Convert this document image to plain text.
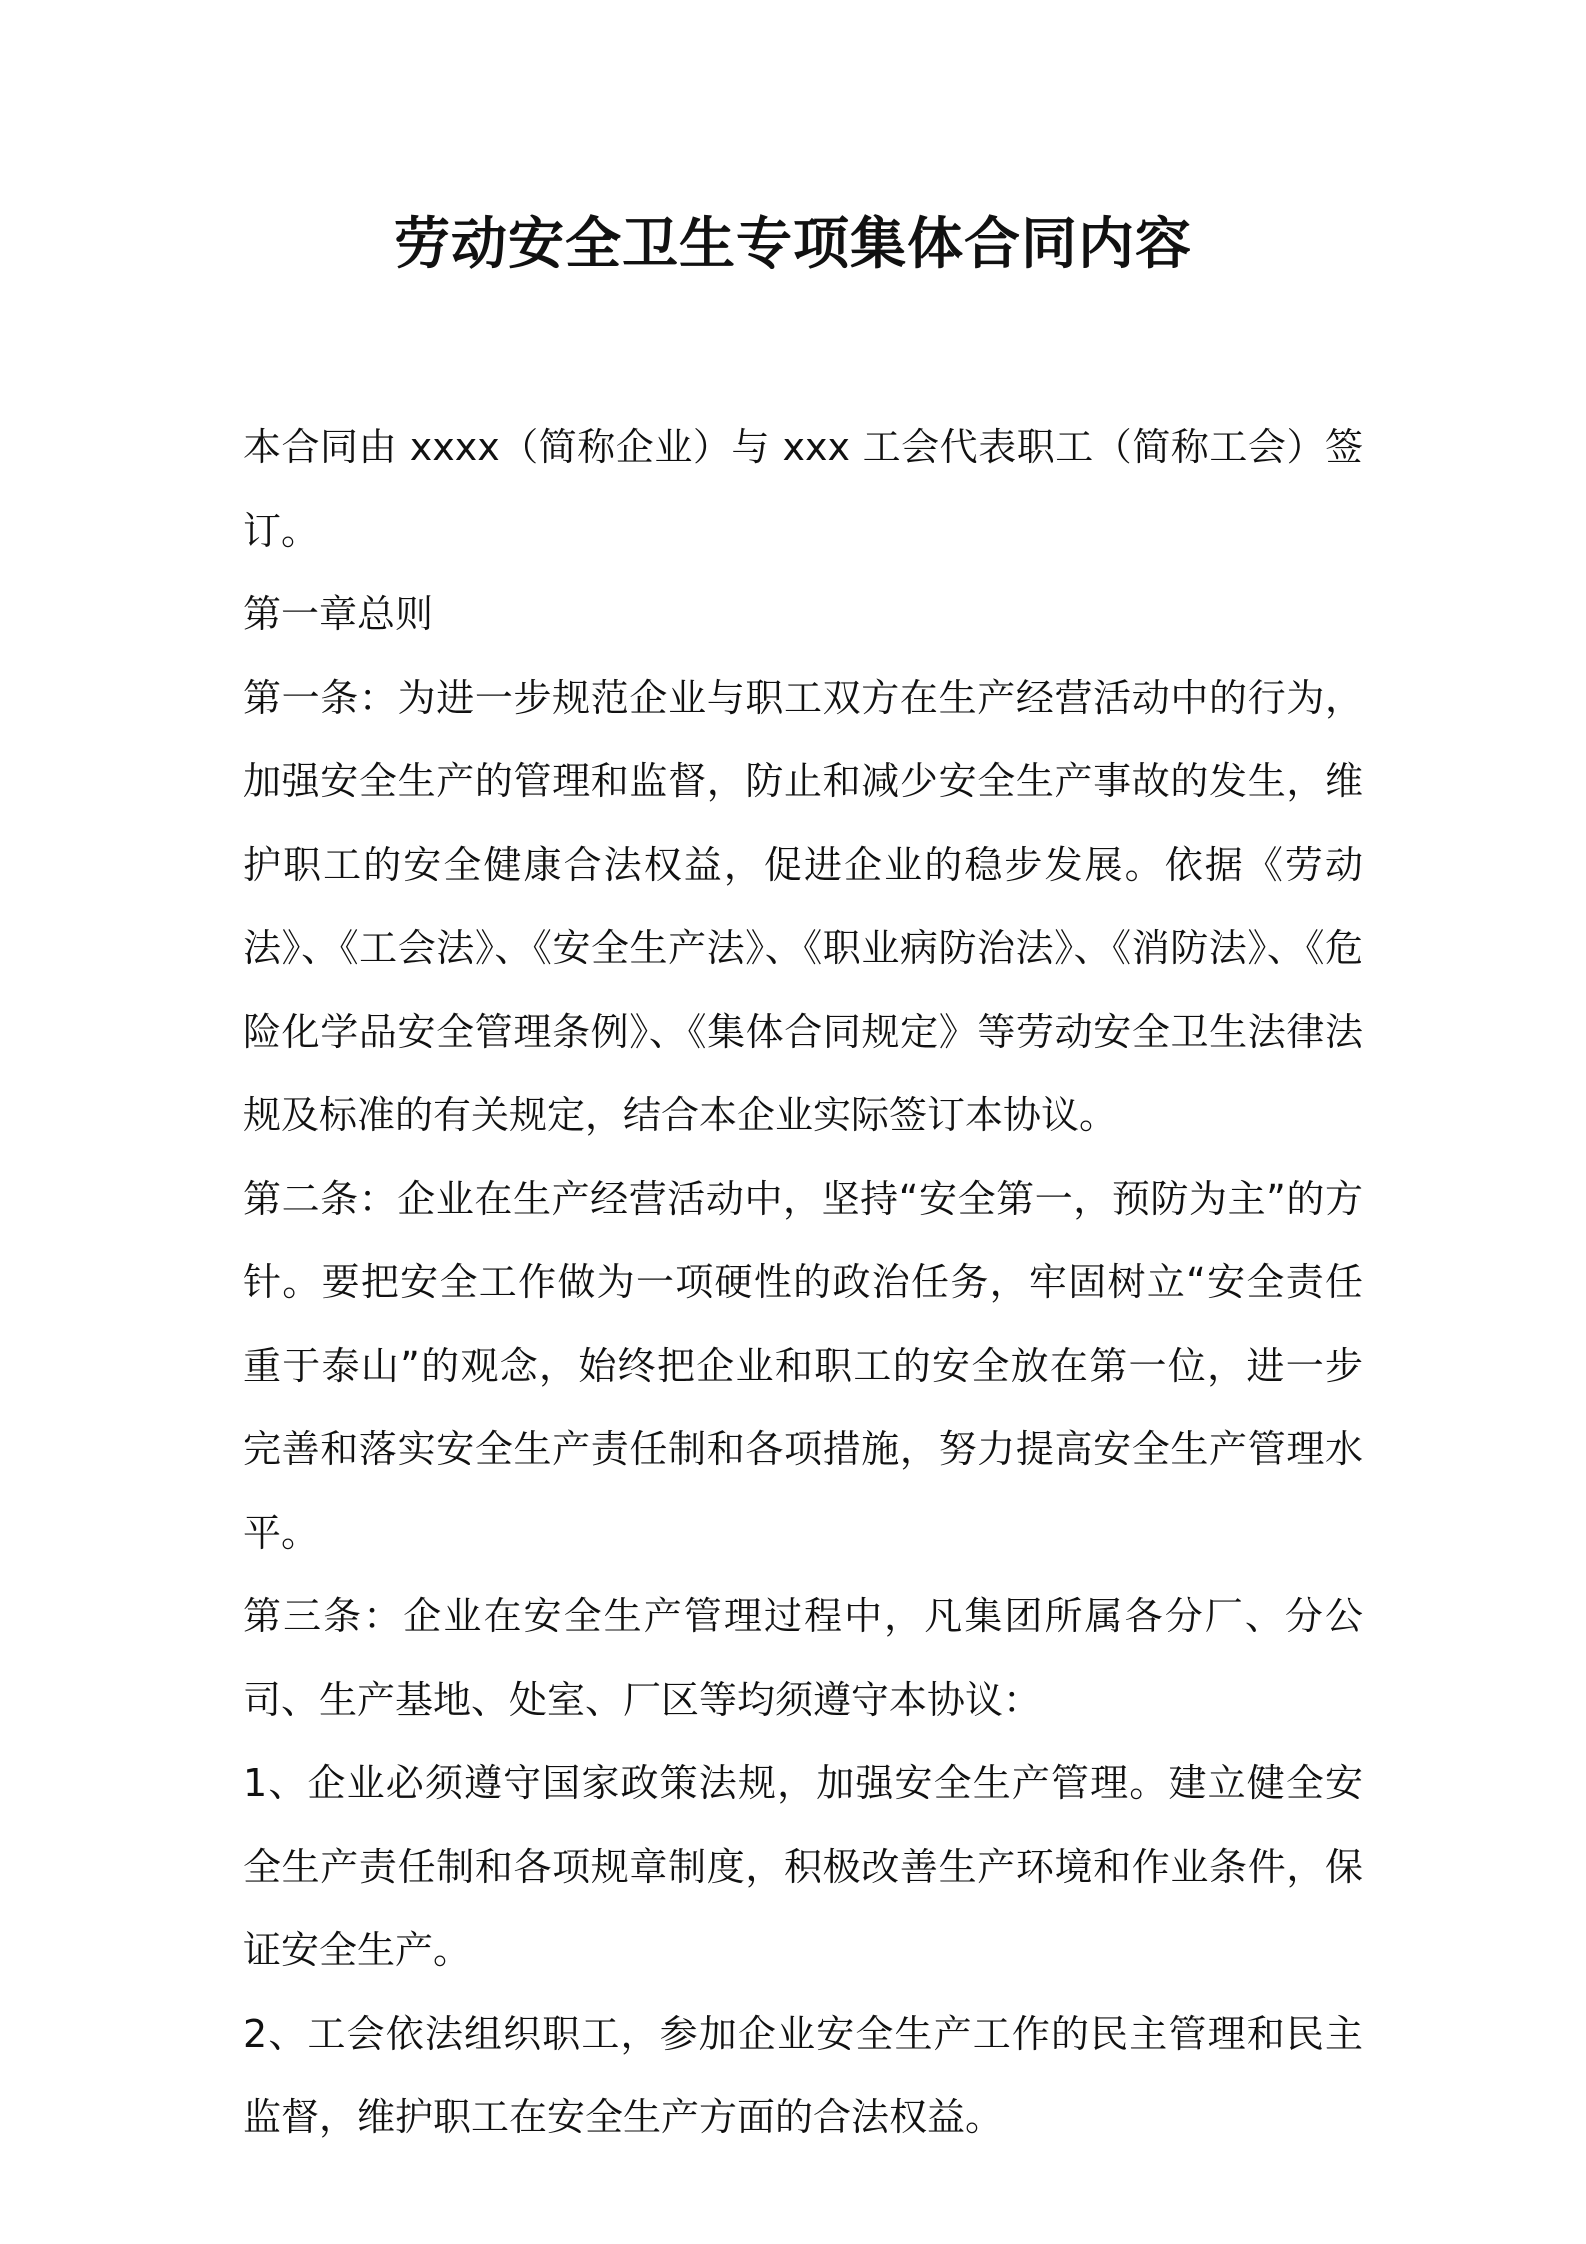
劳动安全卫生专项集体合同内容

本合同由 xxxx（简称企业）与 xxx 工会代表职工（简称工会）签订。

第一章总则

第一条：为进一步规范企业与职工双方在生产经营活动中的行为，加强安全生产的管理和监督，防止和减少安全生产事故的发生，维护职工的安全健康合法权益，促进企业的稳步发展。依据《劳动法》、《工会法》、《安全生产法》、《职业病防治法》、《消防法》、《危险化学品安全管理条例》、《集体合同规定》等劳动安全卫生法律法规及标准的有关规定，结合本企业实际签订本协议。

第二条：企业在生产经营活动中，坚持“安全第一，预防为主”的方针。要把安全工作做为一项硬性的政治任务，牢固树立“安全责任重于泰山”的观念，始终把企业和职工的安全放在第一位，进一步完善和落实安全生产责任制和各项措施，努力提高安全生产管理水平。

第三条：企业在安全生产管理过程中，凡集团所属各分厂、分公司、生产基地、处室、厂区等均须遵守本协议：

1、企业必须遵守国家政策法规，加强安全生产管理。建立健全安全生产责任制和各项规章制度，积极改善生产环境和作业条件，保证安全生产。

2、工会依法组织职工，参加企业安全生产工作的民主管理和民主监督，维护职工在安全生产方面的合法权益。
